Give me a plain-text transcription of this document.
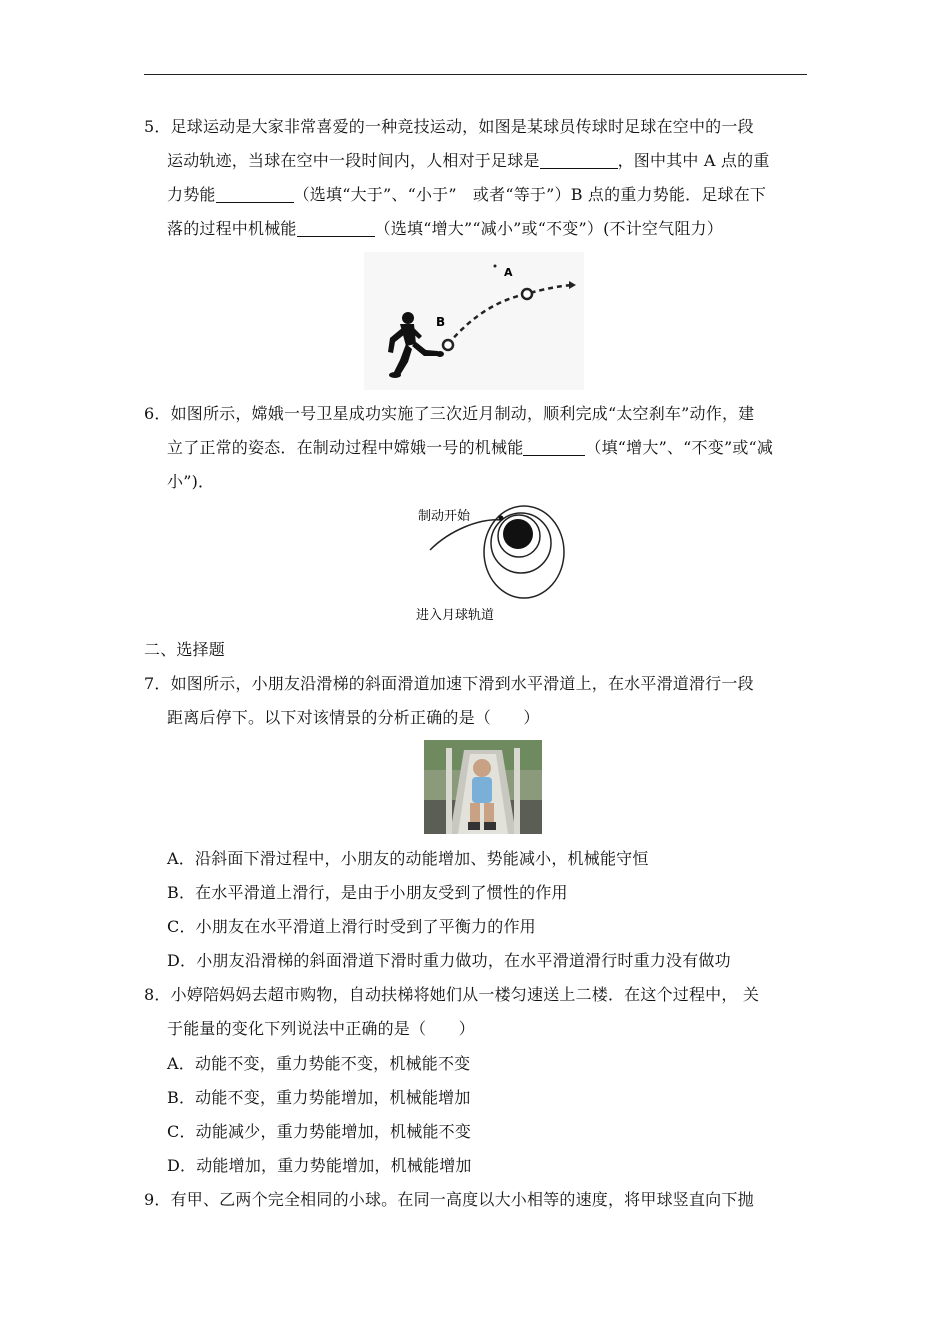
5．足球运动是大家非常喜爱的一种竞技运动，如图是某球员传球时足球在空中的一段
运动轨迹，当球在空中一段时间内，人相对于足球是	，图中其中 A 点的重
力势能	（选填“大于”、“小于”　或者“等于”）B 点的重力势能．足球在下
落的过程中机械能	（选填“增大”“减小”或“不变”）(不计空气阻力）
B
A
6．如图所示，嫦娥一号卫星成功实施了三次近月制动，顺利完成“太空刹车”动作，建
立了正常的姿态．在制动过程中嫦娥一号的机械能	（填“增大”、“不变”或“减
小”)．
制动开始
进入月球轨道
二、选择题
7．如图所示，小朋友沿滑梯的斜面滑道加速下滑到水平滑道上，在水平滑道滑行一段
距离后停下。以下对该情景的分析正确的是（　　）
A．沿斜面下滑过程中，小朋友的动能增加、势能减小，机械能守恒
B．在水平滑道上滑行，是由于小朋友受到了惯性的作用
C．小朋友在水平滑道上滑行时受到了平衡力的作用
D．小朋友沿滑梯的斜面滑道下滑时重力做功，在水平滑道滑行时重力没有做功
8．小婷陪妈妈去超市购物，自动扶梯将她们从一楼匀速送上二楼．在这个过程中， 关
于能量的变化下列说法中正确的是（　　）
A．动能不变，重力势能不变，机械能不变
B．动能不变，重力势能增加，机械能增加
C．动能减少，重力势能增加，机械能不变
D．动能增加，重力势能增加，机械能增加
9．有甲、乙两个完全相同的小球。在同一高度以大小相等的速度，将甲球竖直向下抛
